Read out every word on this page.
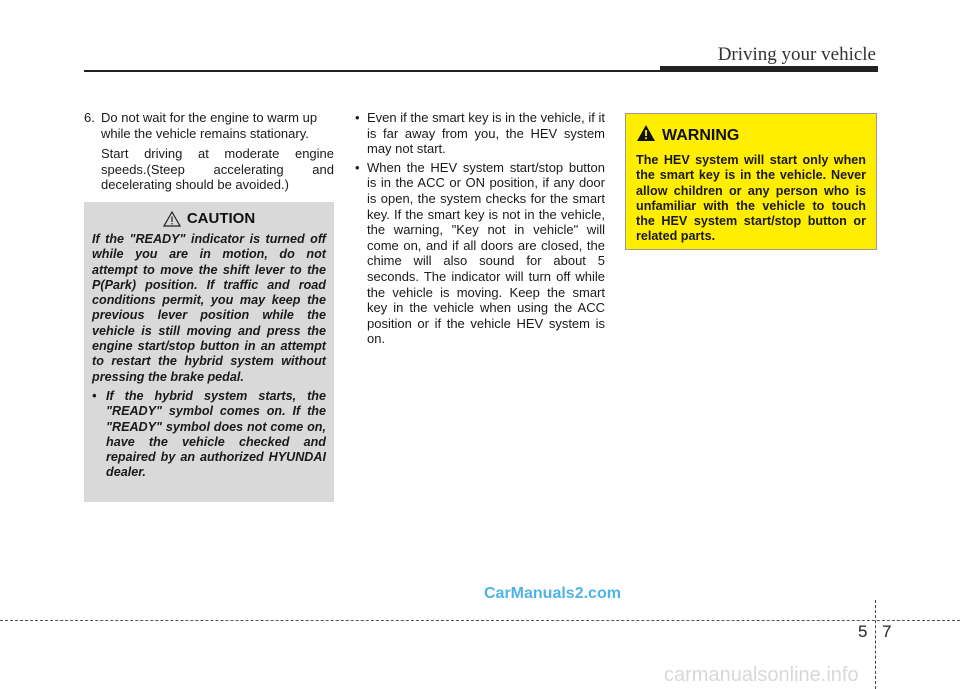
Driving your vehicle
6. Do not wait for the engine to warm up while the vehicle remains stationary.
Start driving at moderate engine speeds.(Steep accelerating and decelerating should be avoided.)
CAUTION
If the "READY" indicator is turned off while you are in motion, do not attempt to move the shift lever to the P(Park) position. If traffic and road conditions permit, you may keep the previous lever position while the vehicle is still moving and press the engine start/stop button in an attempt to restart the hybrid system without pressing the brake pedal.
• If the hybrid system starts, the "READY" symbol comes on. If the "READY" symbol does not come on, have the vehicle checked and repaired by an authorized HYUNDAI dealer.
• Even if the smart key is in the vehicle, if it is far away from you, the HEV system may not start.
• When the HEV system start/stop button is in the ACC or ON position, if any door is open, the system checks for the smart key. If the smart key is not in the vehicle, the warning, "Key not in vehicle" will come on, and if all doors are closed, the chime will also sound for about 5 seconds. The indicator will turn off while the vehicle is moving. Keep the smart key in the vehicle when using the ACC position or if the vehicle HEV system is on.
WARNING
The HEV system will start only when the smart key is in the vehicle. Never allow children or any person who is unfamiliar with the vehicle to touch the HEV system start/stop button or related parts.
CarManuals2.com
5 7
carmanualsonline.info
